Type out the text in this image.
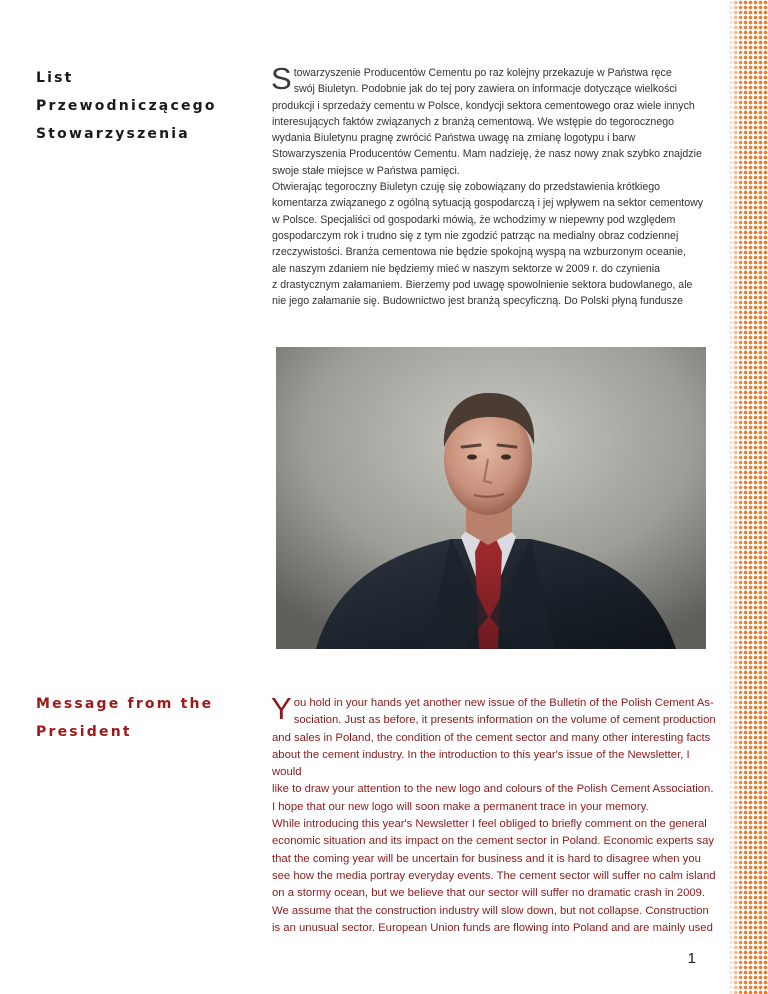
List Przewodniczącego
Stowarzyszenia
S towarzyszenie Producentów Cementu po raz kolejny przekazuje w Państwa ręce

swój Biuletyn. Podobnie jak do tej pory zawiera on informacje dotyczące wielkości

produkcji i sprzedaży cementu w Polsce, kondycji sektora cementowego oraz wiele innych

interesujących faktów związanych z branżą cementową. We wstępie do tegorocznego

wydania Biuletynu pragnę zwrócić Państwa uwagę na zmianę logotypu i barw

Stowarzyszenia Producentów Cementu. Mam nadzieję, że nasz nowy znak szybko znajdzie

swoje stałe miejsce w Państwa pamięci.

Otwierając tegoroczny Biuletyn czuję się zobowiązany do przedstawienia krótkiego

komentarza związanego z ogólną sytuacją gospodarczą i jej wpływem na sektor cementowy

w Polsce. Specjaliści od gospodarki mówią, że wchodzimy w niepewny pod względem

gospodarczym rok i trudno się z tym nie zgodzić patrząc na medialny obraz codziennej

rzeczywistości. Branża cementowa nie będzie spokojną wyspą na wzburzonym oceanie,

ale naszym zdaniem nie będziemy mieć w naszym sektorze w 2009 r. do czynienia

z drastycznym załamaniem. Bierzemy pod uwagę spowolnienie sektora budowlanego, ale

nie jego załamanie się. Budownictwo jest branżą specyficzną. Do Polski płyną fundusze

Message from the
President
Y ou hold in your hands yet another new issue of the Bulletin of the Polish Cement As-

sociation. Just as before, it presents information on the volume of cement production

and sales in Poland, the condition of the cement sector and many other interesting facts

about the cement industry. In the introduction to this year's issue of the Newsletter, I would

like to draw your attention to the new logo and colours of the Polish Cement Association.

I hope that our new logo will soon make a permanent trace in your memory.

While introducing this year's Newsletter I feel obliged to briefly comment on the general

economic situation and its impact on the cement sector in Poland. Economic experts say

that the coming year will be uncertain for business and it is hard to disagree when you

see how the media portray everyday events. The cement sector will suffer no calm island

on a stormy ocean, but we believe that our sector will suffer no dramatic crash in 2009.

We assume that the construction industry will slow down, but not collapse. Construction

is an unusual sector. European Union funds are flowing into Poland and are mainly used

1
